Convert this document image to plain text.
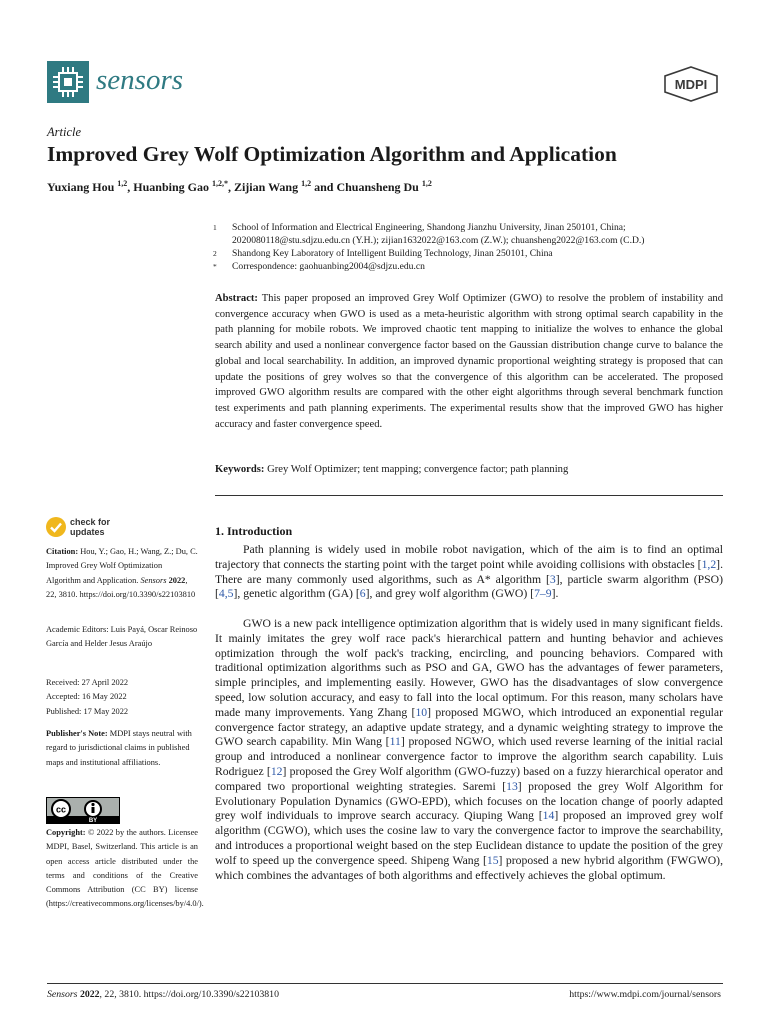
sensors	MDPI
Article
Improved Grey Wolf Optimization Algorithm and Application
Yuxiang Hou $^{1,2}$, Huanbing Gao $^{1,2,*}$, Zijian Wang $^{1,2}$ and Chuansheng Du $^{1,2}$
1 School of Information and Electrical Engineering, Shandong Jianzhu University, Jinan 250101, China;
2020080118@stu.sdjzu.edu.cn (Y.H.); zijian1632022@163.com (Z.W.); chuansheng2022@163.com (C.D.)
2 Shandong Key Laboratory of Intelligent Building Technology, Jinan 250101, China
* Correspondence: gaohuanbing2004@sdjzu.edu.cn
Abstract: This paper proposed an improved Grey Wolf Optimizer (GWO) to resolve the problem of instability and convergence accuracy when GWO is used as a meta-heuristic algorithm with strong optimal search capability in the path planning for mobile robots. We improved chaotic tent mapping to initialize the wolves to enhance the global search ability and used a nonlinear convergence factor based on the Gaussian distribution change curve to balance the global and local searchability. In addition, an improved dynamic proportional weighting strategy is proposed that can update the positions of grey wolves so that the convergence of this algorithm can be accelerated. The proposed improved GWO algorithm results are compared with the other eight algorithms through several benchmark function test experiments and path planning experiments. The experimental results show that the improved GWO has higher accuracy and faster convergence speed.
Keywords: Grey Wolf Optimizer; tent mapping; convergence factor; path planning
check for
updates
Citation: Hou, Y.; Gao, H.; Wang, Z.; Du, C. Improved Grey Wolf Optimization Algorithm and Application. Sensors 2022, 22, 3810. https://doi.org/10.3390/s22103810
Academic Editors: Luis Payá, Oscar Reinoso García and Helder Jesus Araújo
Received: 27 April 2022
Accepted: 16 May 2022
Published: 17 May 2022
Publisher's Note: MDPI stays neutral with regard to jurisdictional claims in published maps and institutional affiliations.
cc
BY
Copyright: © 2022 by the authors. Licensee MDPI, Basel, Switzerland. This article is an open access article distributed under the terms and conditions of the Creative Commons Attribution (CC BY) license (https://creativecommons.org/licenses/by/4.0/).
1. Introduction

Path planning is widely used in mobile robot navigation, which of the aim is to find an optimal trajectory that connects the starting point with the target point while avoiding collisions with obstacles [1,2]. There are many commonly used algorithms, such as A* algorithm [3], particle swarm algorithm (PSO) [4,5], genetic algorithm (GA) [6], and grey wolf algorithm (GWO) [7–9].

GWO is a new pack intelligence optimization algorithm that is widely used in many significant fields. It mainly imitates the grey wolf race pack's hierarchical pattern and hunting behavior and achieves optimization through the wolf pack's tracking, encircling, and pouncing behaviors. Compared with traditional optimization algorithms such as PSO and GA, GWO has the advantages of fewer parameters, simple principles, and implementing easily. However, GWO has the disadvantages of slow convergence speed, low solution accuracy, and easy to fall into the local optimum. For this reason, many scholars have made many improvements. Yang Zhang [10] proposed MGWO, which introduced an exponential regular convergence factor strategy, an adaptive update strategy, and a dynamic weighting strategy to improve the GWO search capability. Min Wang [11] proposed NGWO, which used reverse learning of the initial racial group and introduced a nonlinear convergence factor to improve the algorithm search capability. Luis Rodriguez [12] proposed the Grey Wolf algorithm (GWO-fuzzy) based on a fuzzy hierarchical operator and compared two proportional weighting strategies. Saremi [13] proposed the grey Wolf Algorithm for Evolutionary Population Dynamics (GWO-EPD), which focuses on the location change of poorly adapted grey wolf individuals to improve search accuracy. Qiuping Wang [14] proposed an improved grey wolf algorithm (CGWO), which uses the cosine law to vary the convergence factor to improve the searchability, and introduces a proportional weight based on the step Euclidean distance to update the position of the grey wolf to speed up the convergence speed. Shipeng Wang [15] proposed a new hybrid algorithm (FWGWO), which combines the advantages of both algorithms and effectively achieves the global optimum.

Sensors 2022, 22, 3810. https://doi.org/10.3390/s22103810	https://www.mdpi.com/journal/sensors
